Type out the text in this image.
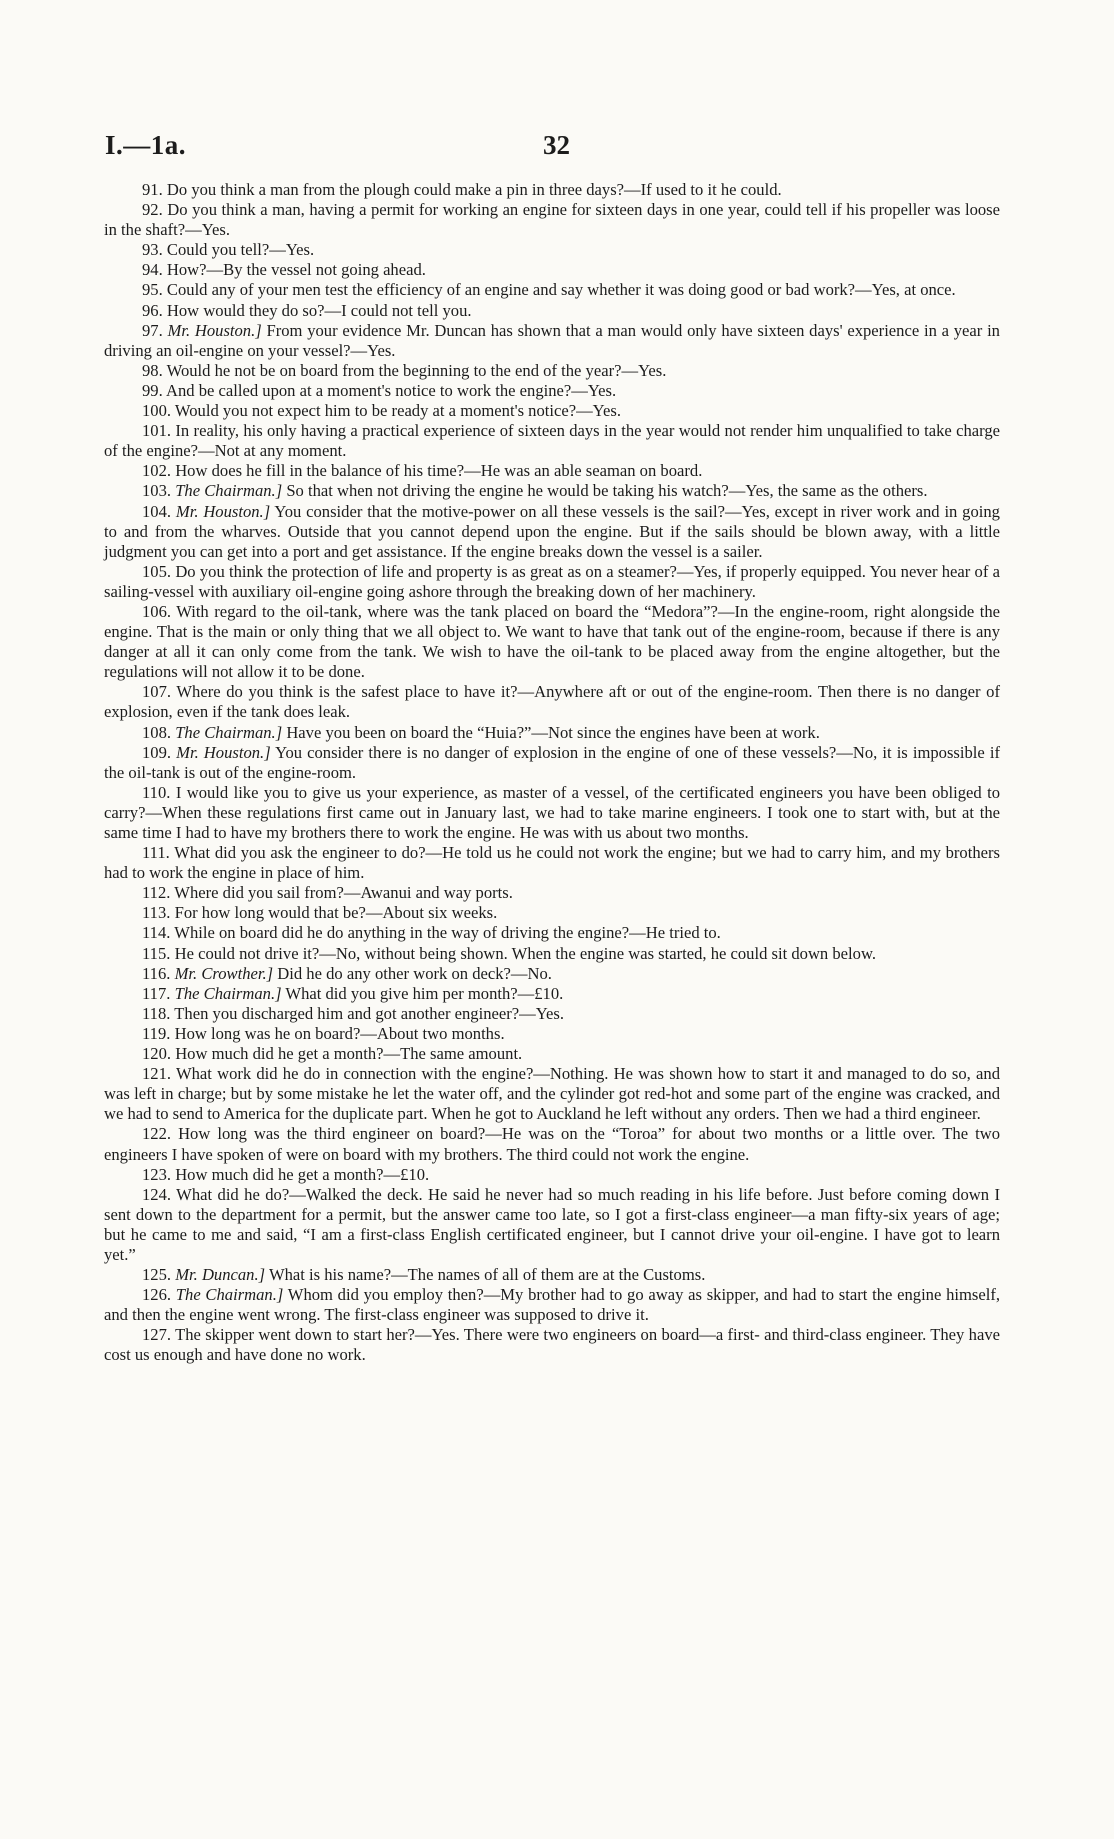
I.—1a.	32

91. Do you think a man from the plough could make a pin in three days?—If used to it he could.

92. Do you think a man, having a permit for working an engine for sixteen days in one year, could tell if his propeller was loose in the shaft?—Yes.

93. Could you tell?—Yes.

94. How?—By the vessel not going ahead.

95. Could any of your men test the efficiency of an engine and say whether it was doing good or bad work?—Yes, at once.

96. How would they do so?—I could not tell you.

97. Mr. Houston.] From your evidence Mr. Duncan has shown that a man would only have sixteen days' experience in a year in driving an oil-engine on your vessel?—Yes.

98. Would he not be on board from the beginning to the end of the year?—Yes.

99. And be called upon at a moment's notice to work the engine?—Yes.

100. Would you not expect him to be ready at a moment's notice?—Yes.

101. In reality, his only having a practical experience of sixteen days in the year would not render him unqualified to take charge of the engine?—Not at any moment.

102. How does he fill in the balance of his time?—He was an able seaman on board.

103. The Chairman.] So that when not driving the engine he would be taking his watch?—Yes, the same as the others.

104. Mr. Houston.] You consider that the motive-power on all these vessels is the sail?—Yes, except in river work and in going to and from the wharves. Outside that you cannot depend upon the engine. But if the sails should be blown away, with a little judgment you can get into a port and get assistance. If the engine breaks down the vessel is a sailer.

105. Do you think the protection of life and property is as great as on a steamer?—Yes, if properly equipped. You never hear of a sailing-vessel with auxiliary oil-engine going ashore through the breaking down of her machinery.

106. With regard to the oil-tank, where was the tank placed on board the “Medora”?—In the engine-room, right alongside the engine. That is the main or only thing that we all object to. We want to have that tank out of the engine-room, because if there is any danger at all it can only come from the tank. We wish to have the oil-tank to be placed away from the engine altogether, but the regulations will not allow it to be done.

107. Where do you think is the safest place to have it?—Anywhere aft or out of the engine-room. Then there is no danger of explosion, even if the tank does leak.

108. The Chairman.] Have you been on board the “Huia?”—Not since the engines have been at work.

109. Mr. Houston.] You consider there is no danger of explosion in the engine of one of these vessels?—No, it is impossible if the oil-tank is out of the engine-room.

110. I would like you to give us your experience, as master of a vessel, of the certificated engineers you have been obliged to carry?—When these regulations first came out in January last, we had to take marine engineers. I took one to start with, but at the same time I had to have my brothers there to work the engine. He was with us about two months.

111. What did you ask the engineer to do?—He told us he could not work the engine; but we had to carry him, and my brothers had to work the engine in place of him.

112. Where did you sail from?—Awanui and way ports.

113. For how long would that be?—About six weeks.

114. While on board did he do anything in the way of driving the engine?—He tried to.

115. He could not drive it?—No, without being shown. When the engine was started, he could sit down below.

116. Mr. Crowther.] Did he do any other work on deck?—No.

117. The Chairman.] What did you give him per month?—£10.

118. Then you discharged him and got another engineer?—Yes.

119. How long was he on board?—About two months.

120. How much did he get a month?—The same amount.

121. What work did he do in connection with the engine?—Nothing. He was shown how to start it and managed to do so, and was left in charge; but by some mistake he let the water off, and the cylinder got red-hot and some part of the engine was cracked, and we had to send to America for the duplicate part. When he got to Auckland he left without any orders. Then we had a third engineer.

122. How long was the third engineer on board?—He was on the “Toroa” for about two months or a little over. The two engineers I have spoken of were on board with my brothers. The third could not work the engine.

123. How much did he get a month?—£10.

124. What did he do?—Walked the deck. He said he never had so much reading in his life before. Just before coming down I sent down to the department for a permit, but the answer came too late, so I got a first-class engineer—a man fifty-six years of age; but he came to me and said, “I am a first-class English certificated engineer, but I cannot drive your oil-engine. I have got to learn yet.”

125. Mr. Duncan.] What is his name?—The names of all of them are at the Customs.

126. The Chairman.] Whom did you employ then?—My brother had to go away as skipper, and had to start the engine himself, and then the engine went wrong. The first-class engineer was supposed to drive it.

127. The skipper went down to start her?—Yes. There were two engineers on board—a first- and third-class engineer. They have cost us enough and have done no work.
